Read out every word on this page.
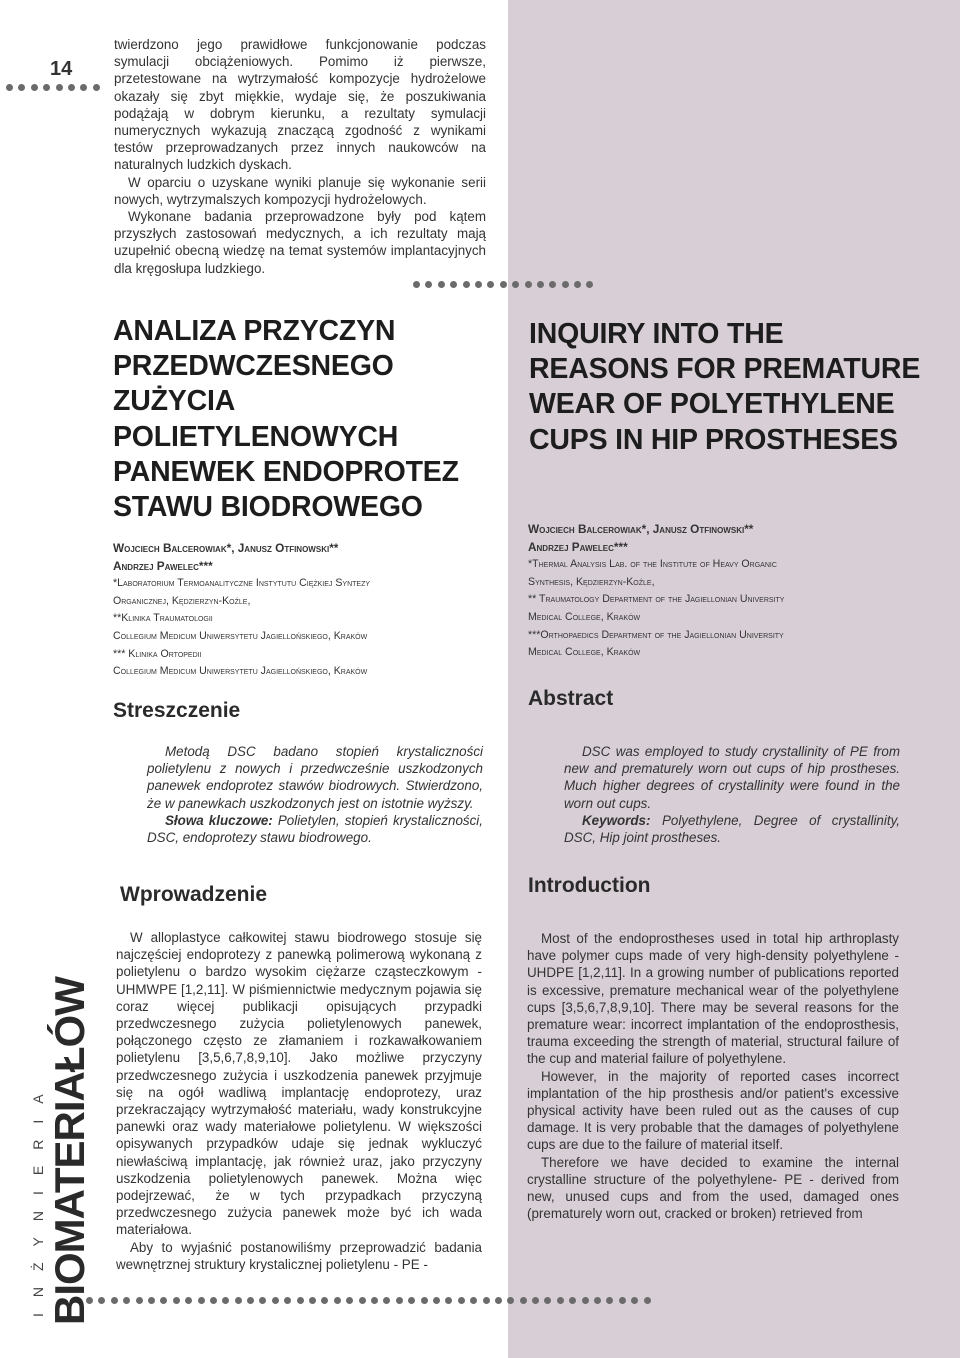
14

twierdzono jego prawidłowe funkcjonowanie podczas symulacji obciążeniowych. Pomimo iż pierwsze, przetestowane na wytrzymałość kompozycje hydrożelowe okazały się zbyt miękkie, wydaje się, że poszukiwania podążają w dobrym kierunku, a rezultaty symulacji numerycznych wykazują znaczącą zgodność z wynikami testów przeprowadzanych przez innych naukowców na naturalnych ludzkich dyskach.

W oparciu o uzyskane wyniki planuje się wykonanie serii nowych, wytrzymalszych kompozycji hydrożelowych.

Wykonane badania przeprowadzone były pod kątem przyszłych zastosowań medycznych, a ich rezultaty mają uzupełnić obecną wiedzę na temat systemów implantacyjnych dla kręgosłupa ludzkiego.

ANALIZA PRZYCZYN PRZEDWCZESNEGO ZUŻYCIA POLIETYLENOWYCH PANEWEK ENDOPROTEZ STAWU BIODROWEGO
Wojciech Balcerowiak*, Janusz Otfinowski**
Andrzej Pawelec***
*Laboratorium Termoanalityczne Instytutu Ciężkiej Syntezy
Organicznej, Kędzierzyn-Koźle,
**Klinika Traumatologii
Collegium Medicum Uniwersytetu Jagiellońskiego, Kraków
*** Klinika Ortopedii
Collegium Medicum Uniwersytetu Jagiellońskiego, Kraków
Streszczenie

Metodą DSC badano stopień krystaliczności polietylenu z nowych i przedwcześnie uszkodzonych panewek endoprotez stawów biodrowych. Stwierdzono, że w panewkach uszkodzonych jest on istotnie wyższy.

Słowa kluczowe: Polietylen, stopień krystaliczności, DSC, endoprotezy stawu biodrowego.

Wprowadzenie

W alloplastyce całkowitej stawu biodrowego stosuje się najczęściej endoprotezy z panewką polimerową wykonaną z polietylenu o bardzo wysokim ciężarze cząsteczkowym - UHMWPE [1,2,11]. W piśmiennictwie medycznym pojawia się coraz więcej publikacji opisujących przypadki przedwczesnego zużycia polietylenowych panewek, połączonego często ze złamaniem i rozkawałkowaniem polietylenu [3,5,6,7,8,9,10]. Jako możliwe przyczyny przedwczesnego zużycia i uszkodzenia panewek przyjmuje się na ogół wadliwą implantację endoprotezy, uraz przekraczający wytrzymałość materiału, wady konstrukcyjne panewki oraz wady materiałowe polietylenu. W większości opisywanych przypadków udaje się jednak wykluczyć niewłaściwą implantację, jak również uraz, jako przyczyny uszkodzenia polietylenowych panewek. Można więc podejrzewać, że w tych przypadkach przyczyną przedwczesnego zużycia panewek może być ich wada materiałowa.

Aby to wyjaśnić postanowiliśmy przeprowadzić badania wewnętrznej struktury krystalicznej polietylenu - PE -

INQUIRY INTO THE REASONS FOR PREMATURE WEAR OF POLYETHYLENE CUPS IN HIP PROSTHESES
Wojciech Balcerowiak*, Janusz Otfinowski**
Andrzej Pawelec***
*Thermal Analysis Lab. of the Institute of Heavy Organic
Synthesis, Kędzierzyn-Koźle,
** Traumatology Department of the Jagiellonian University
Medical College, Kraków
***Orthopaedics Department of the Jagiellonian University
Medical College, Kraków
Abstract

DSC was employed to study crystallinity of PE from new and prematurely worn out cups of hip prostheses. Much higher degrees of crystallinity were found in the worn out cups.

Keywords: Polyethylene, Degree of crystallinity, DSC, Hip joint prostheses.

Introduction

Most of the endoprostheses used in total hip arthroplasty have polymer cups made of very high-density polyethylene - UHDPE [1,2,11]. In a growing number of publications reported is excessive, premature mechanical wear of the polyethylene cups [3,5,6,7,8,9,10]. There may be several reasons for the premature wear: incorrect implantation of the endoprosthesis, trauma exceeding the strength of material, structural failure of the cup and material failure of polyethylene.

However, in the majority of reported cases incorrect implantation of the hip prosthesis and/or patient's excessive physical activity have been ruled out as the causes of cup damage. It is very probable that the damages of polyethylene cups are due to the failure of material itself.

Therefore we have decided to examine the internal crystalline structure of the polyethylene- PE - derived from new, unused cups and from the used, damaged ones (prematurely worn out, cracked or broken) retrieved from

INŻYNIERIA BIOMATERIAŁÓW
